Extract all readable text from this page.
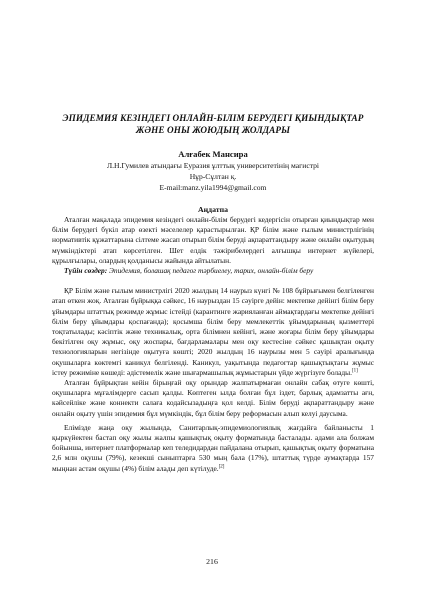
ЭПИДЕМИЯ КЕЗІНДЕГІ ОНЛАЙН-БІЛІМ БЕРУДЕГІ ҚИЫНДЫҚТАР
ЖӘНЕ ОНЫ ЖОЮДЫҢ ЖОЛДАРЫ
Алғабек Мансира
Л.Н.Гумилев атындағы Еуразия ұлттық университетінің магистрі
Нұр-Сұлтан қ.
E-mail:manz.yila1994@gmail.com
Аңдатпа

Аталған мақалада эпидемия кезіндегі онлайн-білім берудегі кедергісін отырған қиындықтар мен білім берудегі бүкіл атар өзекті мәселелер қарастырылған. ҚР білім және ғылым министрлігінің нормативтік құжаттарына сілтеме жасап отырып білім беруді ақпараттандыру және онлайн оқытудың мүмкіндіктері атап көрсетілген. Шет елдік тәжірибелердегі алғышқы интернет жүйелері, құрылғылары, олардың қолданысы жайында айтылатын.

Түйін сөздер: Эпидемия, болашақ педагог тәрбиелеу, тарих, онлайн-білім беру

ҚР Білім және ғылым министрлігі 2020 жылдың 14 наурыз күнгі № 108 бұйрығымен белгіленген атап өткен жоқ. Аталған бұйрыққа сәйкес, 16 наурыздан 15 сәуірге дейін: мектепке дейінгі білім беру ұйымдары штаттық режимде жұмыс істейді (карантинге жарияланған аймақтардағы мектепке дейінгі білім беру ұйымдары қоспағанда); қосымша білім беру мемлекеттік ұйымдарының қызметтері тоқтатылады; кәсіптік және техникалық, орта білімнен кейінгі, және жоғары білім беру ұйымдары бекітілген оқу жұмыс, оқу жоспары, бағдарламалары мен оқу кестесіне сәйкес қашықтан оқыту технологияларын негізінде оқытуға көшті; 2020 жылдың 16 наурызы мен 5 сәуірі аралығында оқушыларға көктемгі каникул белгіленді. Каникул, уақытында педагогтар қашықтықтағы жұмыс істеу режиміне көшеді: әдістемелік және шығармашылық жұмыстарын үйде жүргізуге болады.[1]

Аталған бұйрықтан кейін бірыңғай оқу орындар жалпатырмағаи онлайн сабақ өтуге көшті, оқушыларға мұғалімдерге сасып қалды. Көптеген ылда болғаи бұл іздет, барлық адамзатты ағн, кәйсейліке және коннекти салаға кодайсызадыңға қол келді. Білім беруді ақпараттандыру және онлайн оқыту үшін эпидемия бұл мүмкіндік, бұл білім беру реформасын алып келуі даусыма.

Елімізде жаңа оқу жылында, Санитарлық-эпидемиологиялық жағдайға байланысты 1 қыркүйектен бастап оқу жылы жалпы қашықтық оқыту форматында басталады. адами ала болжам бойынша, интернет платформалар кеп теледидардан пайдалана отырып, қашықтық оқыту форматына 2,6 млн оқушы (79%), кезекші сыныптарға 530 мың бала (17%), штаттық түрде аумақтарда 157 мыңнан астам оқушы (4%) білім алады деп күтілуде.[2]

216
